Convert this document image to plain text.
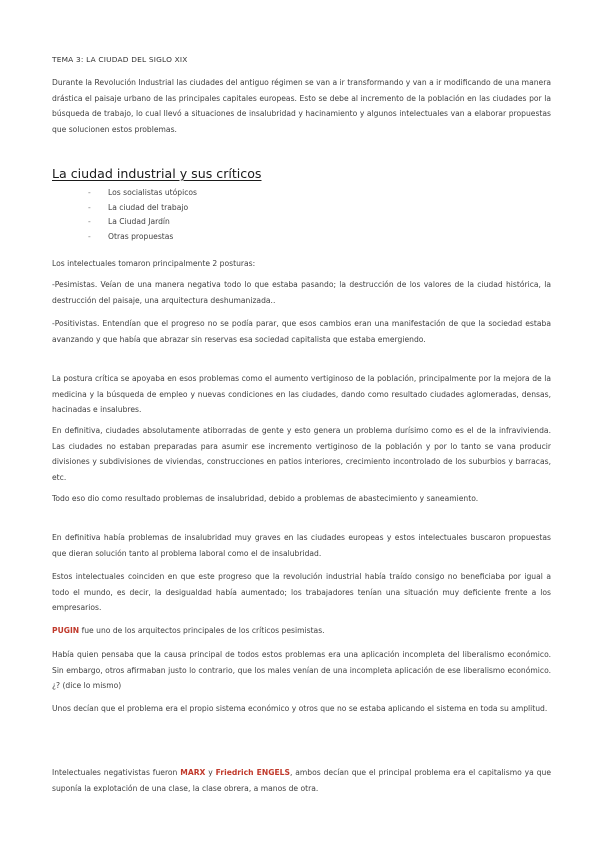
TEMA 3: LA CIUDAD DEL SIGLO XIX

Durante la Revolución Industrial las ciudades del antiguo régimen se van a ir transformando y van a ir modificando de una manera drástica el paisaje urbano de las principales capitales europeas. Esto se debe al incremento de la población en las ciudades por la búsqueda de trabajo, lo cual llevó a situaciones de insalubridad y hacinamiento y algunos intelectuales van a elaborar propuestas que solucionen estos problemas.

La ciudad industrial y sus críticos
- Los socialistas utópicos
- La ciudad del trabajo
- La Ciudad Jardín
- Otras propuestas

Los intelectuales tomaron principalmente 2 posturas:

-Pesimistas. Veían de una manera negativa todo lo que estaba pasando; la destrucción de los valores de la ciudad histórica, la destrucción del paisaje, una arquitectura deshumanizada..

-Positivistas. Entendían que el progreso no se podía parar, que esos cambios eran una manifestación de que la sociedad estaba avanzando y que había que abrazar sin reservas esa sociedad capitalista que estaba emergiendo.

La postura crítica se apoyaba en esos problemas como el aumento vertiginoso de la población, principalmente por la mejora de la medicina y la búsqueda de empleo y nuevas condiciones en las ciudades, dando como resultado ciudades aglomeradas, densas, hacinadas e insalubres.

En definitiva, ciudades absolutamente atiborradas de gente y esto genera un problema durísimo como es el de la infravivienda. Las ciudades no estaban preparadas para asumir ese incremento vertiginoso de la población y por lo tanto se vana producir divisiones y subdivisiones de viviendas, construcciones en patios interiores, crecimiento incontrolado de los suburbios y barracas, etc.

Todo eso dio como resultado problemas de insalubridad, debido a problemas de abastecimiento y saneamiento.

En definitiva había problemas de insalubridad muy graves en las ciudades europeas y estos intelectuales buscaron propuestas que dieran solución tanto al problema laboral como el de insalubridad.

Estos intelectuales coinciden en que este progreso que la revolución industrial había traído consigo no beneficiaba por igual a todo el mundo, es decir, la desigualdad había aumentado; los trabajadores tenían una situación muy deficiente frente a los empresarios.

PUGIN fue uno de los arquitectos principales de los críticos pesimistas.

Había quien pensaba que la causa principal de todos estos problemas era una aplicación incompleta del liberalismo económico. Sin embargo, otros afirmaban justo lo contrario, que los males venían de una incompleta aplicación de ese liberalismo económico. ¿? (dice lo mismo)

Unos decían que el problema era el propio sistema económico y otros que no se estaba aplicando el sistema en toda su amplitud.

Intelectuales negativistas fueron MARX y Friedrich ENGELS, ambos decían que el principal problema era el capitalismo ya que suponía la explotación de una clase, la clase obrera, a manos de otra.
